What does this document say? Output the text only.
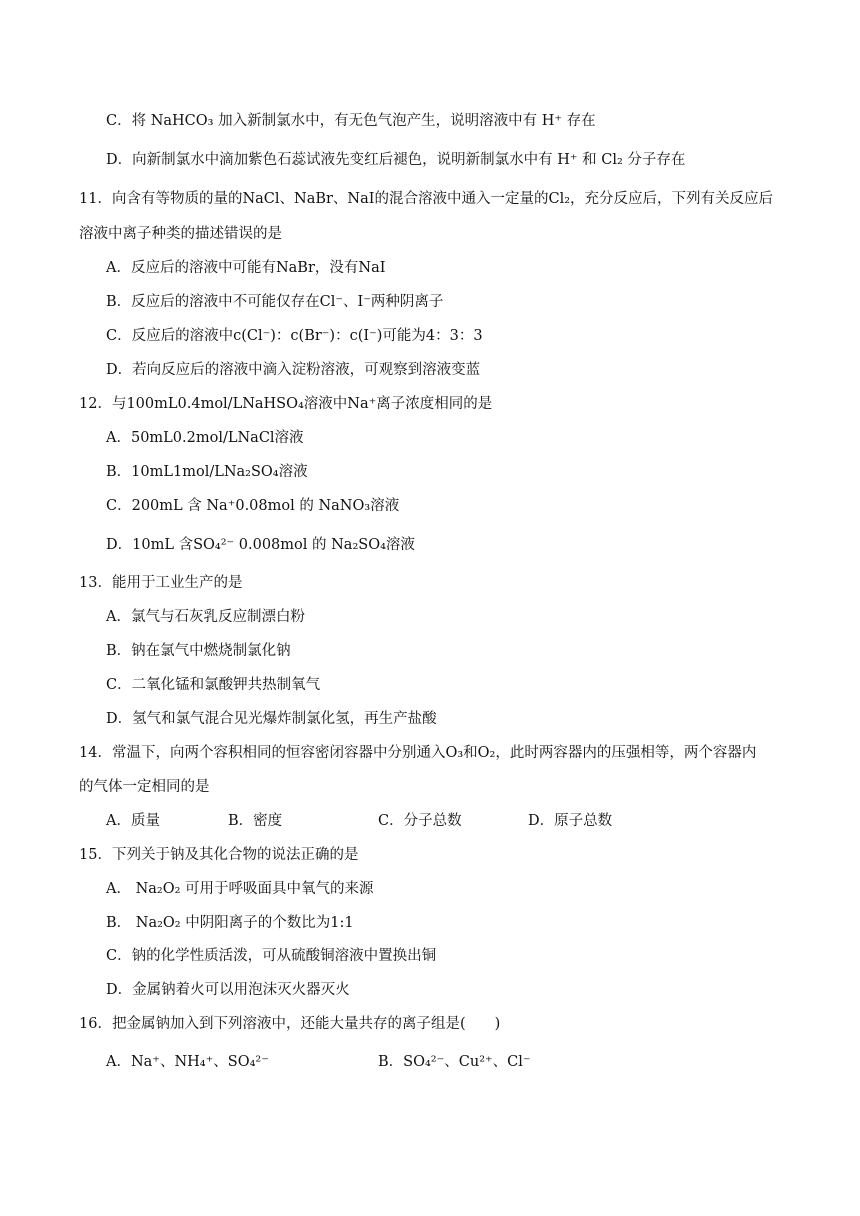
C．将 NaHCO₃ 加入新制氯水中，有无色气泡产生，说明溶液中有 H⁺ 存在
D．向新制氯水中滴加紫色石蕊试液先变红后褪色，说明新制氯水中有 H⁺ 和 Cl₂ 分子存在
11．向含有等物质的量的NaCl、NaBr、NaI的混合溶液中通入一定量的Cl₂，充分反应后，下列有关反应后
溶液中离子种类的描述错误的是
A．反应后的溶液中可能有NaBr，没有NaI
B．反应后的溶液中不可能仅存在Cl⁻、I⁻两种阴离子
C．反应后的溶液中c(Cl⁻)：c(Br⁻)：c(I⁻)可能为4：3：3
D．若向反应后的溶液中滴入淀粉溶液，可观察到溶液变蓝
12．与100mL0.4mol/LNaHSO₄溶液中Na⁺离子浓度相同的是
A．50mL0.2mol/LNaCl溶液
B．10mL1mol/LNa₂SO₄溶液
C．200mL 含 Na⁺0.08mol 的 NaNO₃溶液
D．10mL 含SO₄²⁻ 0.008mol 的 Na₂SO₄溶液
13．能用于工业生产的是
A．氯气与石灰乳反应制漂白粉
B．钠在氯气中燃烧制氯化钠
C．二氧化锰和氯酸钾共热制氧气
D．氢气和氯气混合见光爆炸制氯化氢，再生产盐酸
14．常温下，向两个容积相同的恒容密闭容器中分别通入O₃和O₂，此时两容器内的压强相等，两个容器内
的气体一定相同的是
A．质量	B．密度	C．分子总数	D．原子总数
15．下列关于钠及其化合物的说法正确的是
A． Na₂O₂ 可用于呼吸面具中氧气的来源
B． Na₂O₂ 中阴阳离子的个数比为1:1
C．钠的化学性质活泼，可从硫酸铜溶液中置换出铜
D．金属钠着火可以用泡沫灭火器灭火
16．把金属钠加入到下列溶液中，还能大量共存的离子组是(　　)
A．Na⁺、NH₄⁺、SO₄²⁻	B．SO₄²⁻、Cu²⁺、Cl⁻
